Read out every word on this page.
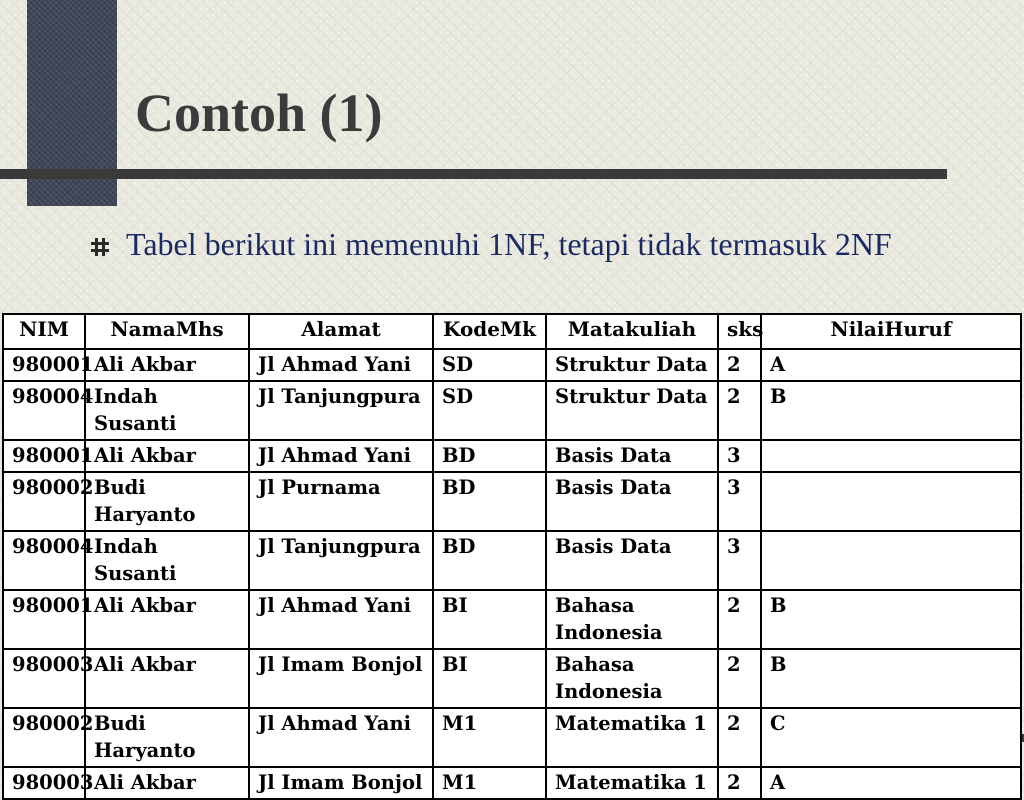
Contoh (1)

Tabel berikut ini memenuhi 1NF, tetapi tidak termasuk 2NF

NIM	NamaMhs	Alamat	KodeMk	Matakuliah	sks	NilaiHuruf
980001	Ali Akbar	Jl Ahmad Yani	SD	Struktur Data	2	A
980004	Indah Susanti	Jl Tanjungpura	SD	Struktur Data	2	B
980001	Ali Akbar	Jl Ahmad Yani	BD	Basis Data	3	
980002	Budi Haryanto	Jl Purnama	BD	Basis Data	3	
980004	Indah Susanti	Jl Tanjungpura	BD	Basis Data	3	
980001	Ali Akbar	Jl Ahmad Yani	BI	Bahasa Indonesia	2	B
980003	Ali Akbar	Jl Imam Bonjol	BI	Bahasa Indonesia	2	B
980002	Budi Haryanto	Jl Ahmad Yani	M1	Matematika 1	2	C
980003	Ali Akbar	Jl Imam Bonjol	M1	Matematika 1	2	A
